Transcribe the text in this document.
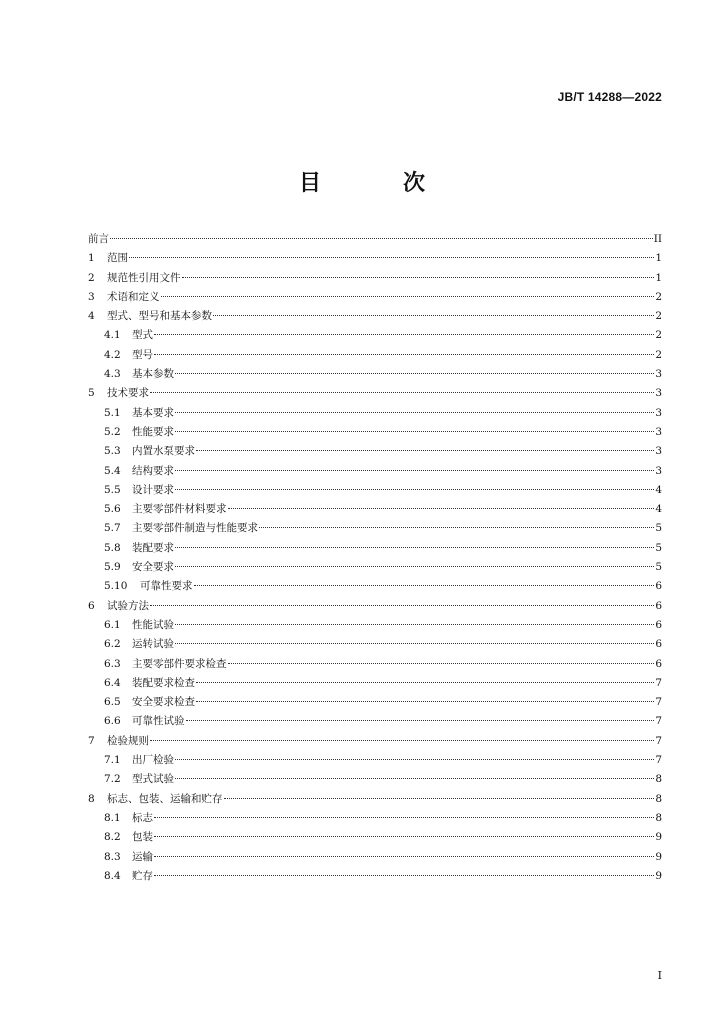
JB/T 14288—2022
目　次
前言	II
1	范围	1
2	规范性引用文件	1
3	术语和定义	2
4	型式、型号和基本参数	2
4.1	型式	2
4.2	型号	2
4.3	基本参数	3
5	技术要求	3
5.1	基本要求	3
5.2	性能要求	3
5.3	内置水泵要求	3
5.4	结构要求	3
5.5	设计要求	4
5.6	主要零部件材料要求	4
5.7	主要零部件制造与性能要求	5
5.8	装配要求	5
5.9	安全要求	5
5.10	可靠性要求	6
6	试验方法	6
6.1	性能试验	6
6.2	运转试验	6
6.3	主要零部件要求检查	6
6.4	装配要求检查	7
6.5	安全要求检查	7
6.6	可靠性试验	7
7	检验规则	7
7.1	出厂检验	7
7.2	型式试验	8
8	标志、包装、运输和贮存	8
8.1	标志	8
8.2	包装	9
8.3	运输	9
8.4	贮存	9
I
